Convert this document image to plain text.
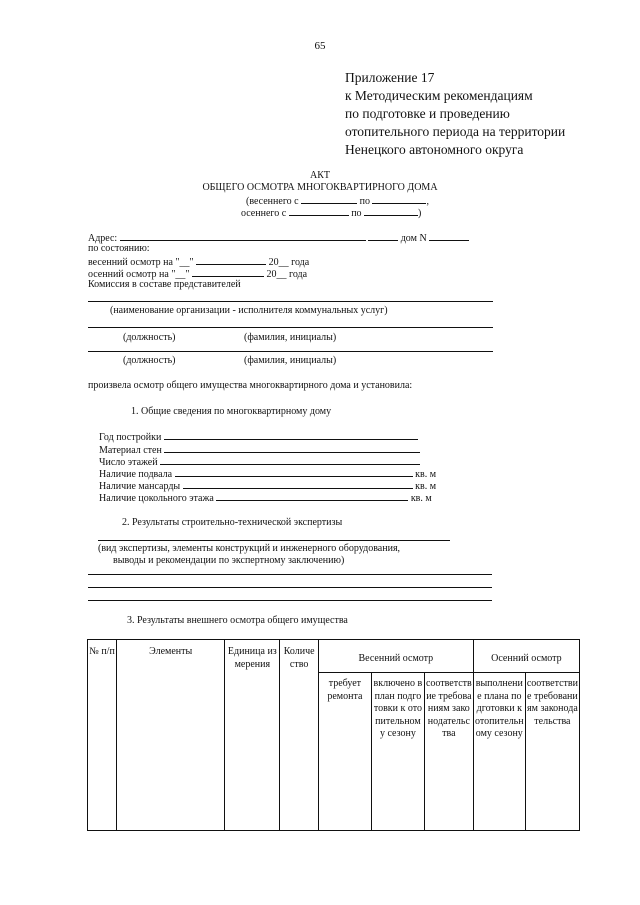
65
Приложение 17
к Методическим рекомендациям
по подготовке и проведению
отопительного периода на территории
Ненецкого автономного округа
АКТ
ОБЩЕГО ОСМОТРА МНОГОКВАРТИРНОГО ДОМА
(весеннего с	по	,
осеннего с	по	)
Адрес:	дом N
по состоянию:
весенний осмотр на "__"	20__ года
осенний осмотр на "__"	20__ года
Комиссия в составе представителей
(наименование организации - исполнителя коммунальных услуг)
(должность)	(фамилия, инициалы)
(должность)	(фамилия, инициалы)
произвела осмотр общего имущества многоквартирного дома и установила:
1. Общие сведения по многоквартирному дому
Год постройки
Материал стен
Число этажей
Наличие подвала	кв. м
Наличие мансарды	кв. м
Наличие цокольного этажа	кв. м
2. Результаты строительно-технической экспертизы
(вид экспертизы, элементы конструкций и инженерного оборудования,
выводы и рекомендации по экспертному заключению)
3. Результаты внешнего осмотра общего имущества
№ п/п	Элементы	Единица измерения	Количество	Весенний осмотр			Осенний осмотр	
				требует ремонта	включено в план подготовки к отопительному сезону	соответствие требованиям законодательства	выполнение плана подготовки к отопительному сезону	соответствие требованиям законодательства
